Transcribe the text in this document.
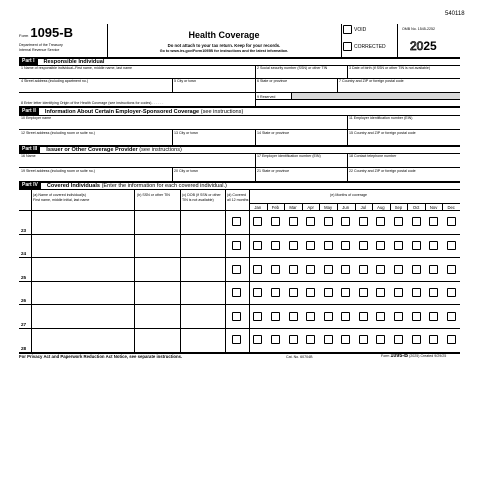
540118
Form 1095-B
Department of the Treasury
Internal Revenue Service
Health Coverage
Do not attach to your tax return. Keep for your records.
Go to www.irs.gov/Form1095B for instructions and the latest information.
VOID
CORRECTED
OMB No. 1545-2252
2025
Part I	Responsible Individual
1 Name of responsible individual–First name, middle name, last name	2 Social security number (SSN) or other TIN	3 Date of birth (if SSN or other TIN is not available)
4 Street address (including apartment no.)	5 City or town	6 State or province	7 Country and ZIP or foreign postal code
9 Reserved
8 Enter letter identifying Origin of the Health Coverage (see instructions for codes) . . . . . .
Part II	Information About Certain Employer-Sponsored Coverage (see instructions)
10 Employer name	11 Employer identification number (EIN)
12 Street address (including room or suite no.)	13 City or town	14 State or province	15 Country and ZIP or foreign postal code
Part III	Issuer or Other Coverage Provider (see instructions)
16 Name	17 Employer identification number (EIN)	18 Contact telephone number
19 Street address (including room or suite no.)	20 City or town	21 State or province	22 Country and ZIP or foreign postal code
Part IV	Covered Individuals (Enter the information for each covered individual.)
(a) Name of covered individual(s)
First name, middle initial, last name
(b) SSN or other TIN	(c) DOB (if SSN or other
TIN is not available)
(d) Covered
all 12 months
(e) Months of coverage
Jan	Feb	Mar	Apr	May	Jun	Jul	Aug	Sep	Oct	Nov	Dec
23
24
25
26
27
28
For Privacy Act and Paperwork Reduction Act Notice, see separate instructions.	Cat. No. 60704B	Form 1095-B (2025) Created 9/29/25
